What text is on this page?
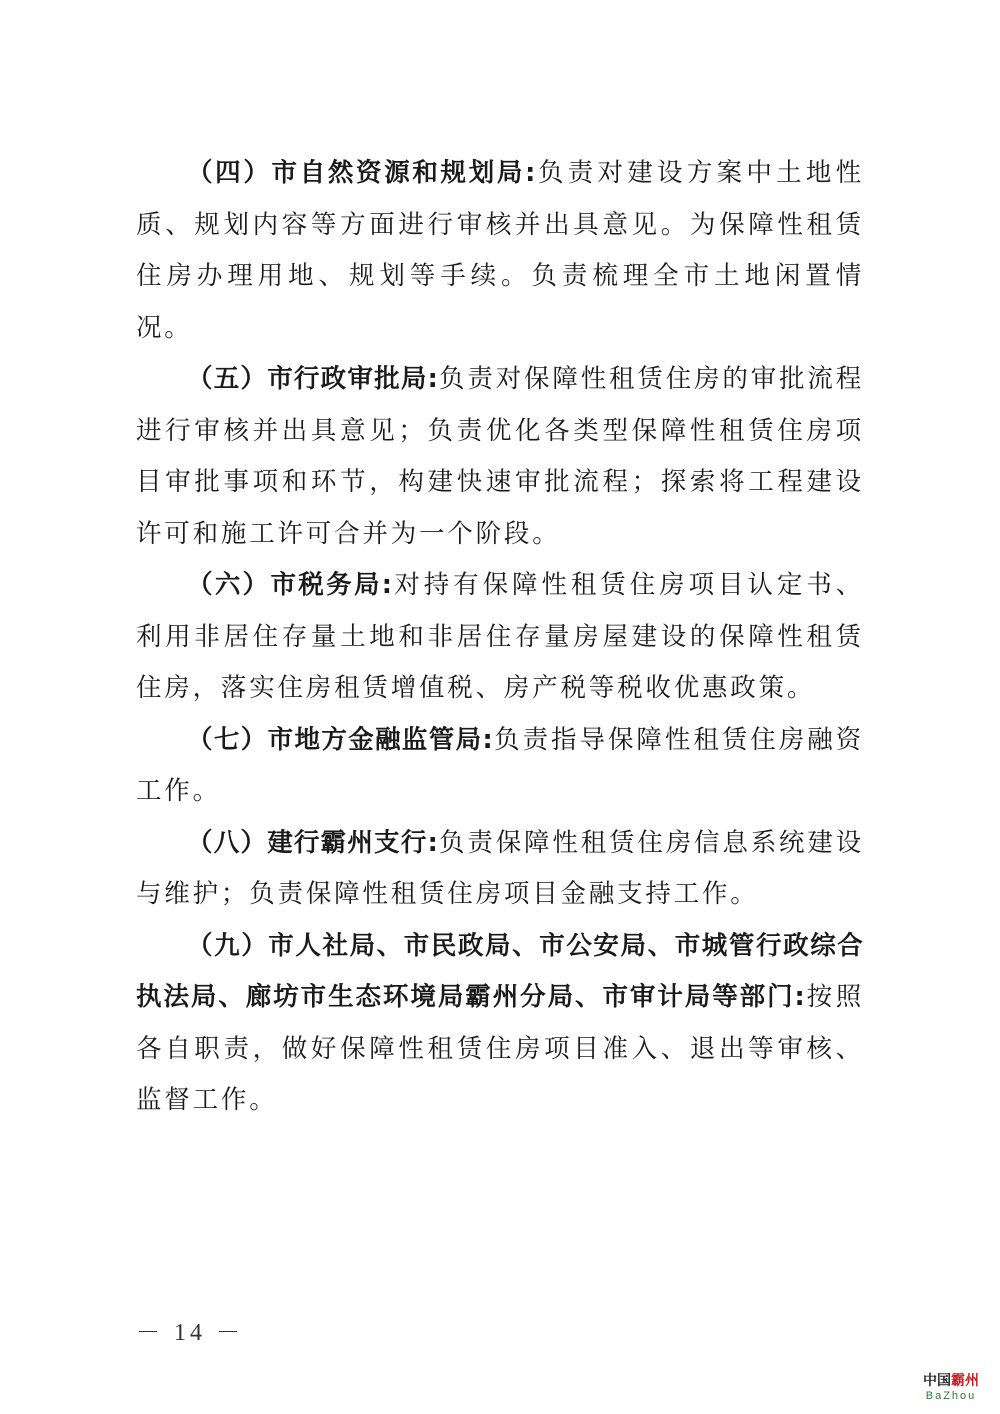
（四）市自然资源和规划局:负责对建设方案中土地性质、规划内容等方面进行审核并出具意见。为保障性租赁住房办理用地、规划等手续。负责梳理全市土地闲置情况。

（五）市行政审批局:负责对保障性租赁住房的审批流程进行审核并出具意见；负责优化各类型保障性租赁住房项目审批事项和环节，构建快速审批流程；探索将工程建设许可和施工许可合并为一个阶段。

（六）市税务局:对持有保障性租赁住房项目认定书、利用非居住存量土地和非居住存量房屋建设的保障性租赁住房，落实住房租赁增值税、房产税等税收优惠政策。

（七）市地方金融监管局:负责指导保障性租赁住房融资工作。

（八）建行霸州支行:负责保障性租赁住房信息系统建设与维护；负责保障性租赁住房项目金融支持工作。

（九）市人社局、市民政局、市公安局、市城管行政综合执法局、廊坊市生态环境局霸州分局、市审计局等部门:按照各自职责，做好保障性租赁住房项目准入、退出等审核、监督工作。

－ 14 －

中国霸州
BaZhou
